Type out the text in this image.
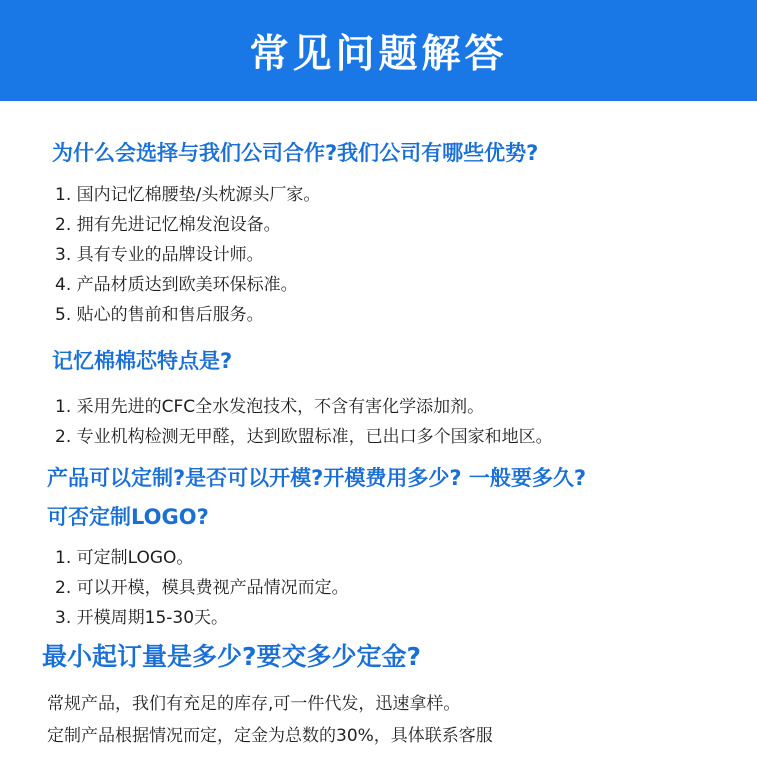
常见问题解答
为什么会选择与我们公司合作?我们公司有哪些优势?
1. 国内记忆棉腰垫/头枕源头厂家。
2. 拥有先进记忆棉发泡设备。
3. 具有专业的品牌设计师。
4. 产品材质达到欧美环保标准。
5. 贴心的售前和售后服务。
记忆棉棉芯特点是?
1. 采用先进的CFC全水发泡技术，不含有害化学添加剂。
2. 专业机构检测无甲醛，达到欧盟标准，已出口多个国家和地区。
产品可以定制?是否可以开模?开模费用多少? 一般要多久?
可否定制LOGO?
1. 可定制LOGO。
2. 可以开模，模具费视产品情况而定。
3. 开模周期15-30天。
最小起订量是多少?要交多少定金?
常规产品，我们有充足的库存,可一件代发，迅速拿样。
定制产品根据情况而定，定金为总数的30%，具体联系客服
